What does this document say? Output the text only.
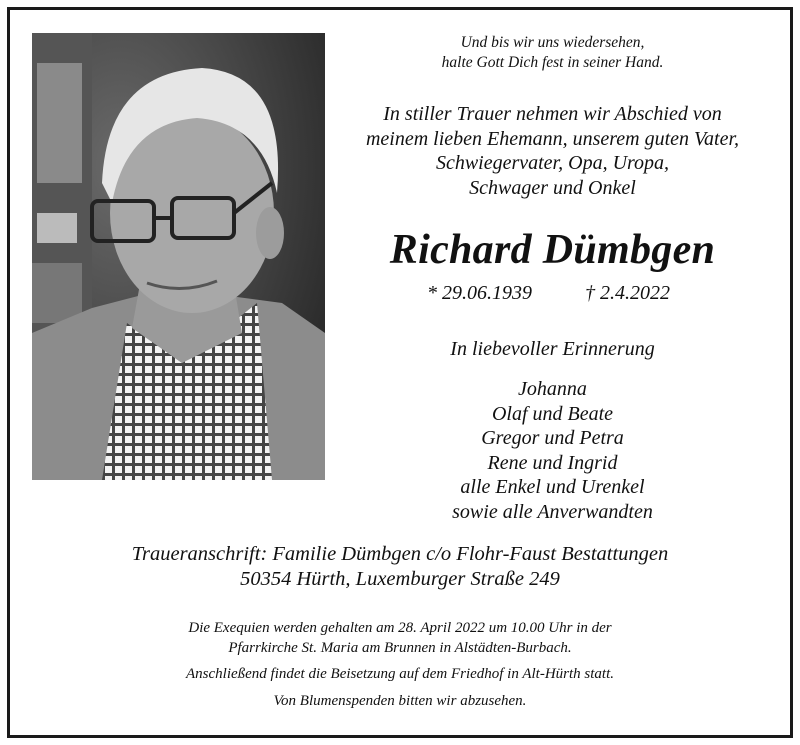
Und bis wir uns wiedersehen,
halte Gott Dich fest in seiner Hand.
In stiller Trauer nehmen wir Abschied von
meinem lieben Ehemann, unserem guten Vater,
Schwiegervater, Opa, Uropa,
Schwager und Onkel
Richard Dümbgen
* 29.06.1939	† 2.4.2022
In liebevoller Erinnerung
Johanna
Olaf und Beate
Gregor und Petra
Rene und Ingrid
alle Enkel und Urenkel
sowie alle Anverwandten
Traueranschrift: Familie Dümbgen c/o Flohr-Faust Bestattungen
50354 Hürth, Luxemburger Straße 249
Die Exequien werden gehalten am 28. April 2022 um 10.00 Uhr in der
Pfarrkirche St. Maria am Brunnen in Alstädten-Burbach.
Anschließend findet die Beisetzung auf dem Friedhof in Alt-Hürth statt.
Von Blumenspenden bitten wir abzusehen.
